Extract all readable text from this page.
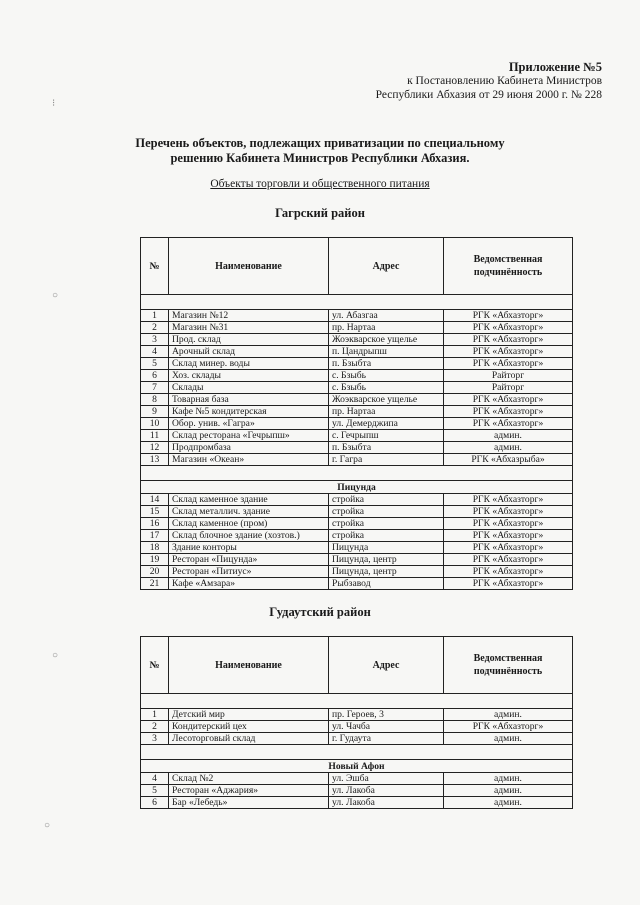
Приложение №5
к Постановлению Кабинета Министров
Республики Абхазия от 29 июня 2000 г. № 228
Перечень объектов, подлежащих приватизации по специальному
решению Кабинета Министров Республики Абхазия.
Объекты торговли и общественного питания
Гагрский район
№	Наименование	Адрес	Ведомственная
подчинённость

1	Магазин №12	ул. Абазгаа	РГК «Абхазторг»
2	Магазин №31	пр. Нартаа	РГК «Абхазторг»
3	Прод. склад	Жоэкварское ущелье	РГК «Абхазторг»
4	Арочный склад	п. Цандрыпш	РГК «Абхазторг»
5	Склад минер. воды	п. Бзыбта	РГК «Абхазторг»
6	Хоз. склады	с. Бзыбь	Райторг
7	Склады	с. Бзыбь	Райторг
8	Товарная база	Жоэкварское ущелье	РГК «Абхазторг»
9	Кафе №5 кондитерская	пр. Нартаа	РГК «Абхазторг»
10	Обор. унив. «Гагра»	ул. Демерджипа	РГК «Абхазторг»
11	Склад ресторана «Гечрыпш»	с. Гечрыпш	админ.
12	Продпромбаза	п. Бзыбта	админ.
13	Магазин «Океан»	г. Гагра	РГК «Абхазрыба»

Пицунда			
14	Склад каменное здание	стройка	РГК «Абхазторг»
15	Склад металлич. здание	стройка	РГК «Абхазторг»
16	Склад каменное (пром)	стройка	РГК «Абхазторг»
17	Склад блочное здание (хозтов.)	стройка	РГК «Абхазторг»
18	Здание конторы	Пицунда	РГК «Абхазторг»
19	Ресторан «Пицунда»	Пицунда, центр	РГК «Абхазторг»
20	Ресторан «Питиус»	Пицунда, центр	РГК «Абхазторг»
21	Кафе «Амзара»	Рыбзавод	РГК «Абхазторг»
Гудаутский район
№	Наименование	Адрес	Ведомственная
подчинённость

1	Детский мир	пр. Героев, 3	админ.
2	Кондитерский цех	ул. Чачба	РГК «Абхазторг»
3	Лесоторговый склад	г. Гудаута	админ.

Новый Афон			
4	Склад №2	ул. Эшба	админ.
5	Ресторан «Аджария»	ул. Лакоба	админ.
6	Бар «Лебедь»	ул. Лакоба	админ.
⁝
○
○
○
